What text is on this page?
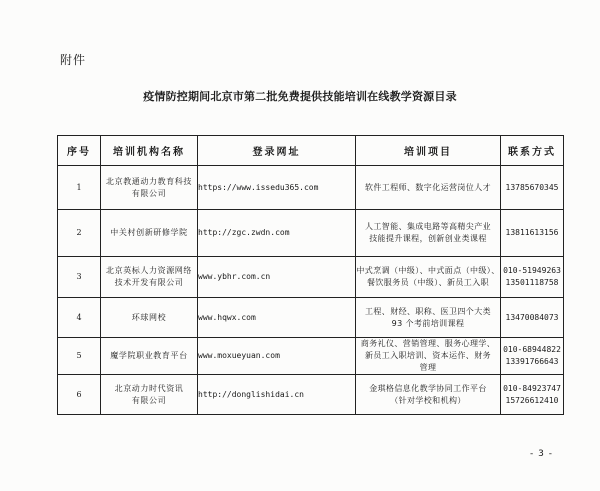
附件
疫情防控期间北京市第二批免费提供技能培训在线教学资源目录
序号	培训机构名称	登录网址	培训项目	联系方式

1	北京教通动力教育科技
有限公司	https://www.issedu365.com	软件工程师、数字化运营岗位人才	13785670345

2	中关村创新研修学院	http://zgc.zwdn.com	人工智能、集成电路等高精尖产业
技能提升课程，创新创业类课程	13811613156

3	北京英标人力资源网络
技术开发有限公司	www.ybhr.com.cn	中式烹调（中级）、中式面点（中级）、
餐饮服务员（中级）、新员工入职	010-51949263
13501118758

4	环球网校	www.hqwx.com	工程、财经、职称、医卫四个大类
93 个考前培训课程	13470084073

5	魔学院职业教育平台	www.moxueyuan.com	商务礼仪、营销管理、服务心理学、
新员工入职培训、资本运作、财务
管理	010-68944822
13391766643

6	北京动力时代资讯
有限公司	http://donglishidai.cn	金琪格信息化教学协同工作平台
（针对学校和机构）	010-84923747
15726612410
- 3 -
